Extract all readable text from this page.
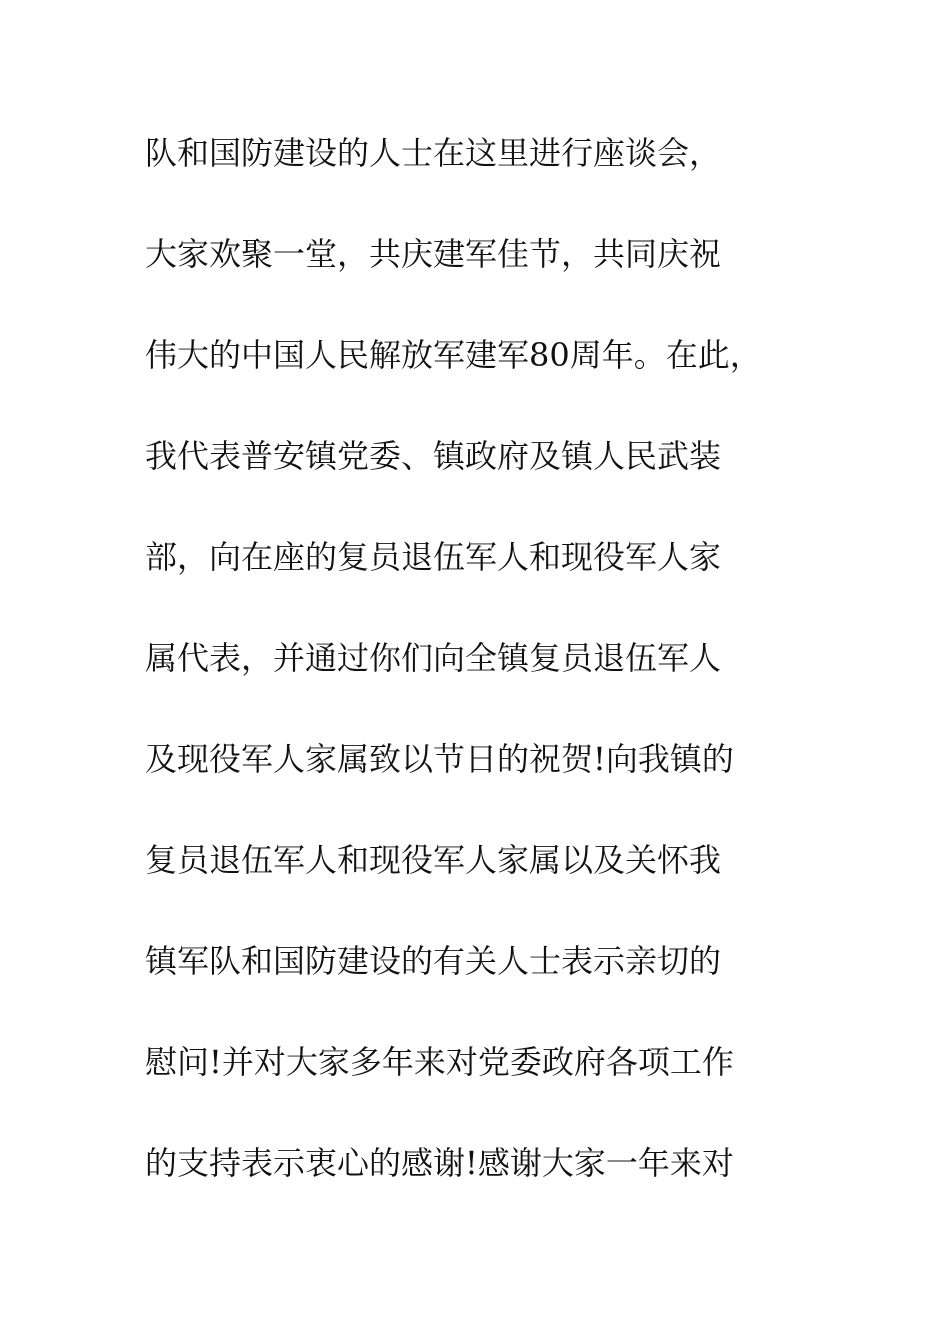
队和国防建设的人士在这里进行座谈会，
大家欢聚一堂，共庆建军佳节，共同庆祝
伟大的中国人民解放军建军80周年。在此，
我代表普安镇党委、镇政府及镇人民武装
部，向在座的复员退伍军人和现役军人家
属代表，并通过你们向全镇复员退伍军人
及现役军人家属致以节日的祝贺!向我镇的
复员退伍军人和现役军人家属以及关怀我
镇军队和国防建设的有关人士表示亲切的
慰问!并对大家多年来对党委政府各项工作
的支持表示衷心的感谢!感谢大家一年来对
